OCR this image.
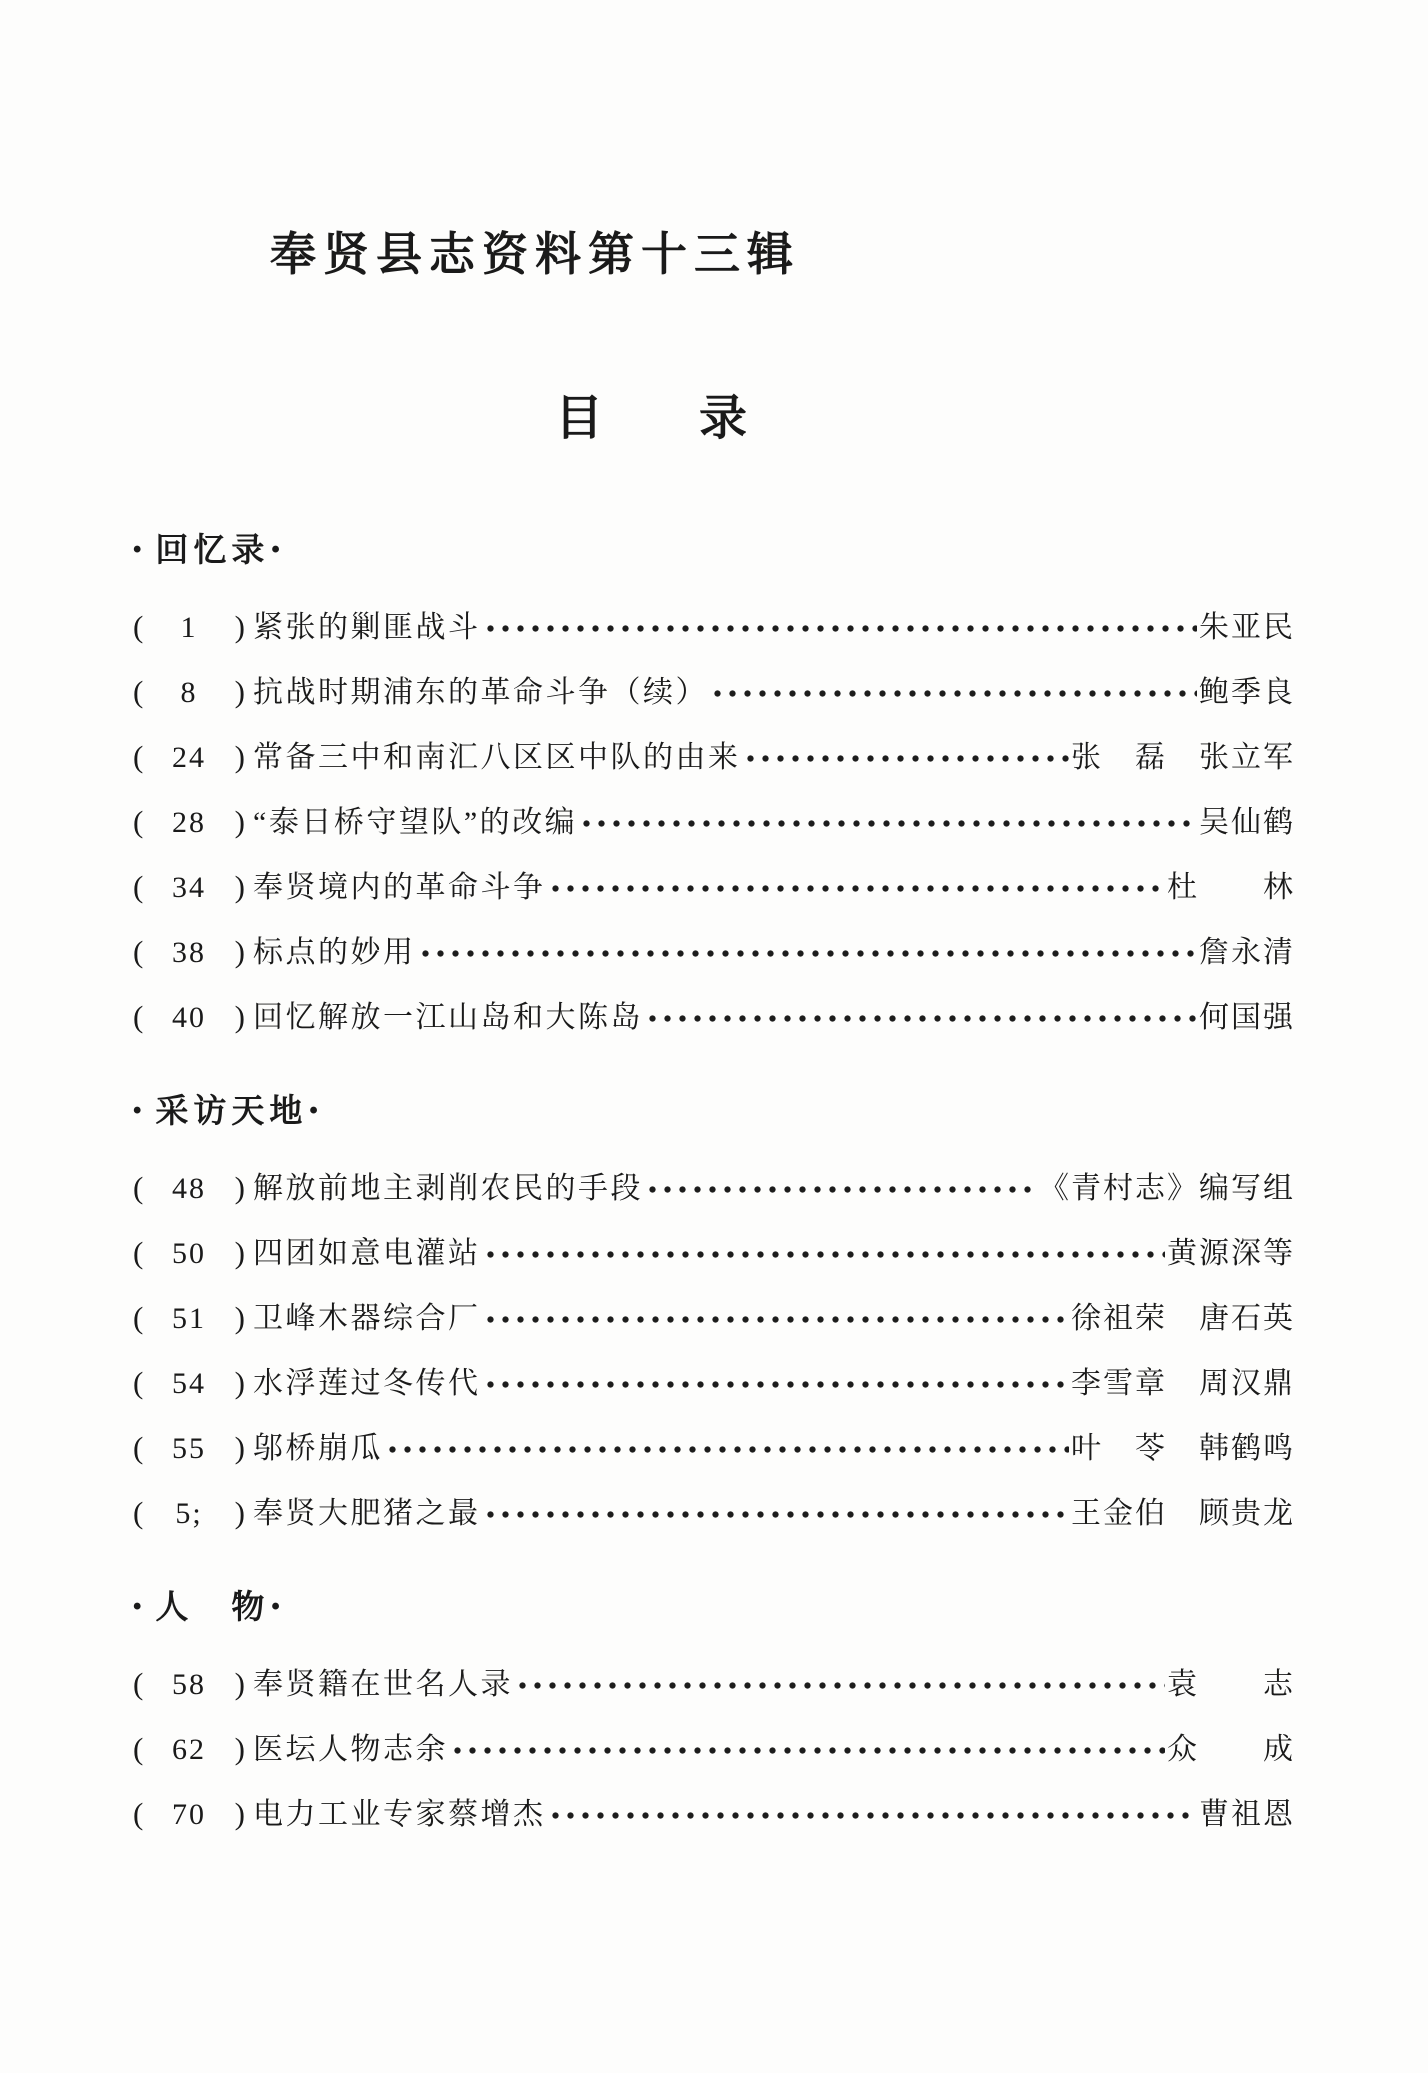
奉贤县志资料第十三辑
目　　录
• 回忆录 •
(	1	) 紧张的剿匪战斗	朱亚民
(	8	) 抗战时期浦东的革命斗争（续）	鲍季良
( 24 ) 常备三中和南汇八区区中队的由来	张　磊　张立军
( 28 ) “泰日桥守望队”的改编	吴仙鹤
( 34 ) 奉贤境内的革命斗争	杜　　林
( 38 ) 标点的妙用	詹永清
( 40 ) 回忆解放一江山岛和大陈岛	何国强
• 采访天地 •
( 48 ) 解放前地主剥削农民的手段	《青村志》编写组
( 50 ) 四团如意电灌站	黄源深等
( 51 ) 卫峰木器综合厂	徐祖荣　唐石英
( 54 ) 水浮莲过冬传代	李雪章　周汉鼎
( 55 ) 邬桥崩瓜	叶　苓　韩鹤鸣
(	5;	) 奉贤大肥猪之最	王金伯　顾贵龙
• 人　物 •
( 58 ) 奉贤籍在世名人录	袁　　志
( 62 ) 医坛人物志余	众　　成
( 70 ) 电力工业专家蔡增杰	曹祖恩
